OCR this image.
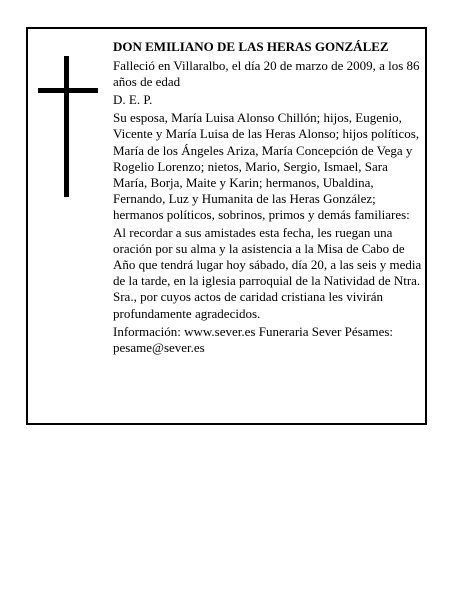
DON EMILIANO DE LAS HERAS GONZÁLEZ

Falleció en Villaralbo, el día 20 de marzo de 2009, a los 86 años de edad

D. E. P.

Su esposa, María Luisa Alonso Chillón; hijos, Eugenio, Vicente y María Luisa de las Heras Alonso; hijos políticos, María de los Ángeles Ariza, María Concepción de Vega y Rogelio Lorenzo; nietos, Mario, Sergio, Ismael, Sara María, Borja, Maite y Karin; hermanos, Ubaldina, Fernando, Luz y Humanita de las Heras González; hermanos políticos, sobrinos, primos y demás familiares:

Al recordar a sus amistades esta fecha, les ruegan una oración por su alma y la asistencia a la Misa de Cabo de Año que tendrá lugar hoy sábado, día 20, a las seis y media de la tarde, en la iglesia parroquial de la Natividad de Ntra. Sra., por cuyos actos de caridad cristiana les vivirán profundamente agradecidos.

Información: www.sever.es Funeraria Sever Pésames: pesame@sever.es
